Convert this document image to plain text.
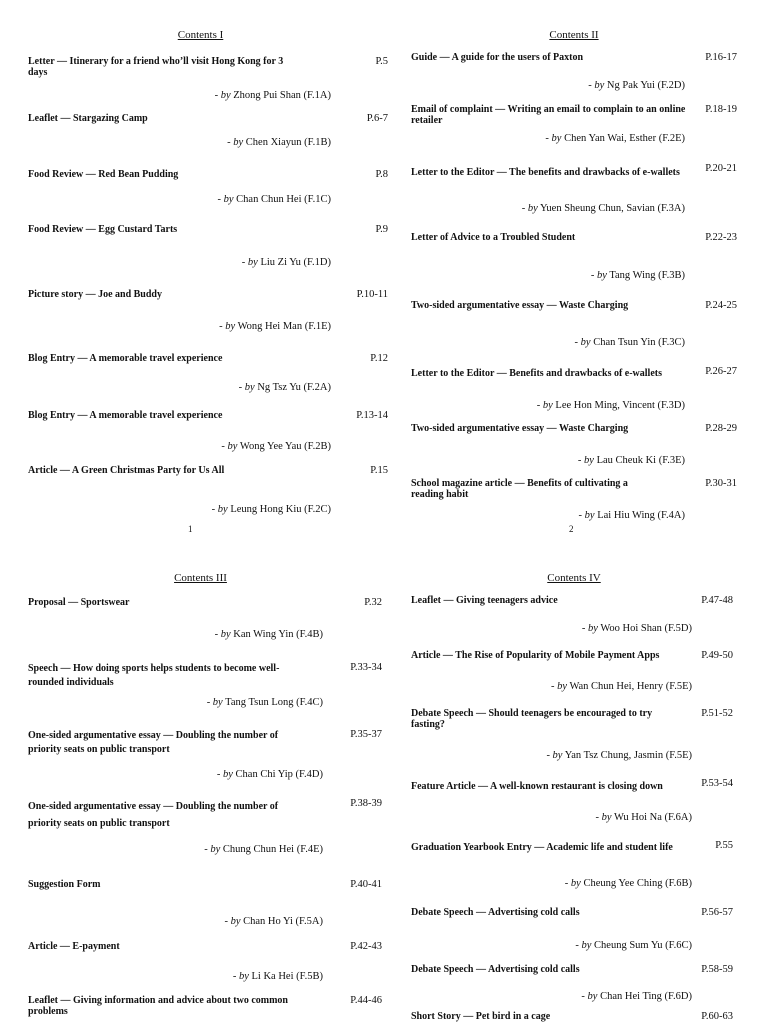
Contents I
Letter — Itinerary for a friend who’ll visit Hong Kong for 3 days
P.5
- by Zhong Pui Shan (F.1A)
Leaflet — Stargazing Camp	P.6-7
- by Chen Xiayun (F.1B)
Food Review — Red Bean Pudding	P.8
- by Chan Chun Hei (F.1C)
Food Review — Egg Custard Tarts	P.9
- by Liu Zi Yu (F.1D)
Picture story — Joe and Buddy	P.10-11
- by Wong Hei Man (F.1E)
Blog Entry — A memorable travel experience	P.12
- by Ng Tsz Yu (F.2A)
Blog Entry — A memorable travel experience	P.13-14
- by Wong Yee Yau (F.2B)
Article — A Green Christmas Party for Us All	P.15
- by Leung Hong Kiu (F.2C)
1
Contents II
Guide — A guide for the users of Paxton	P.16-17
- by Ng Pak Yui (F.2D)
Email of complaint — Writing an email to complain to an online retailer
P.18-19
- by Chen Yan Wai, Esther (F.2E)
Letter to the Editor — The benefits and drawbacks of e-wallets	P.20-21
- by Yuen Sheung Chun, Savian (F.3A)
Letter of Advice to a Troubled Student	P.22-23
- by Tang Wing (F.3B)
Two-sided argumentative essay — Waste Charging	P.24-25
- by Chan Tsun Yin (F.3C)
Letter to the Editor — Benefits and drawbacks of e-wallets	P.26-27
- by Lee Hon Ming, Vincent (F.3D)
Two-sided argumentative essay — Waste Charging	P.28-29
- by Lau Cheuk Ki (F.3E)
School magazine article — Benefits of cultivating a reading habit
P.30-31
- by Lai Hiu Wing (F.4A)
2
Contents III
Proposal — Sportswear	P.32
- by Kan Wing Yin (F.4B)
Speech — How doing sports helps students to become well-rounded individuals
P.33-34
- by Tang Tsun Long (F.4C)
One-sided argumentative essay — Doubling the number of priority seats on public transport
P.35-37
- by Chan Chi Yip (F.4D)
One-sided argumentative essay — Doubling the number of priority seats on public transport
P.38-39
- by Chung Chun Hei (F.4E)
Suggestion Form	P.40-41
- by Chan Ho Yi (F.5A)
Article — E-payment	P.42-43
- by Li Ka Hei (F.5B)
Leaflet — Giving information and advice about two common problems
P.44-46
Contents IV
Leaflet — Giving teenagers advice	P.47-48
- by Woo Hoi Shan (F.5D)
Article — The Rise of Popularity of Mobile Payment Apps	P.49-50
- by Wan Chun Hei, Henry (F.5E)
Debate Speech — Should teenagers be encouraged to try fasting?
P.51-52
- by Yan Tsz Chung, Jasmin (F.5E)
Feature Article — A well-known restaurant is closing down	P.53-54
- by Wu Hoi Na (F.6A)
Graduation Yearbook Entry — Academic life and student life	P.55
- by Cheung Yee Ching (F.6B)
Debate Speech — Advertising cold calls	P.56-57
- by Cheung Sum Yu (F.6C)
Debate Speech — Advertising cold calls	P.58-59
- by Chan Hei Ting (F.6D)
Short Story — Pet bird in a cage	P.60-63
